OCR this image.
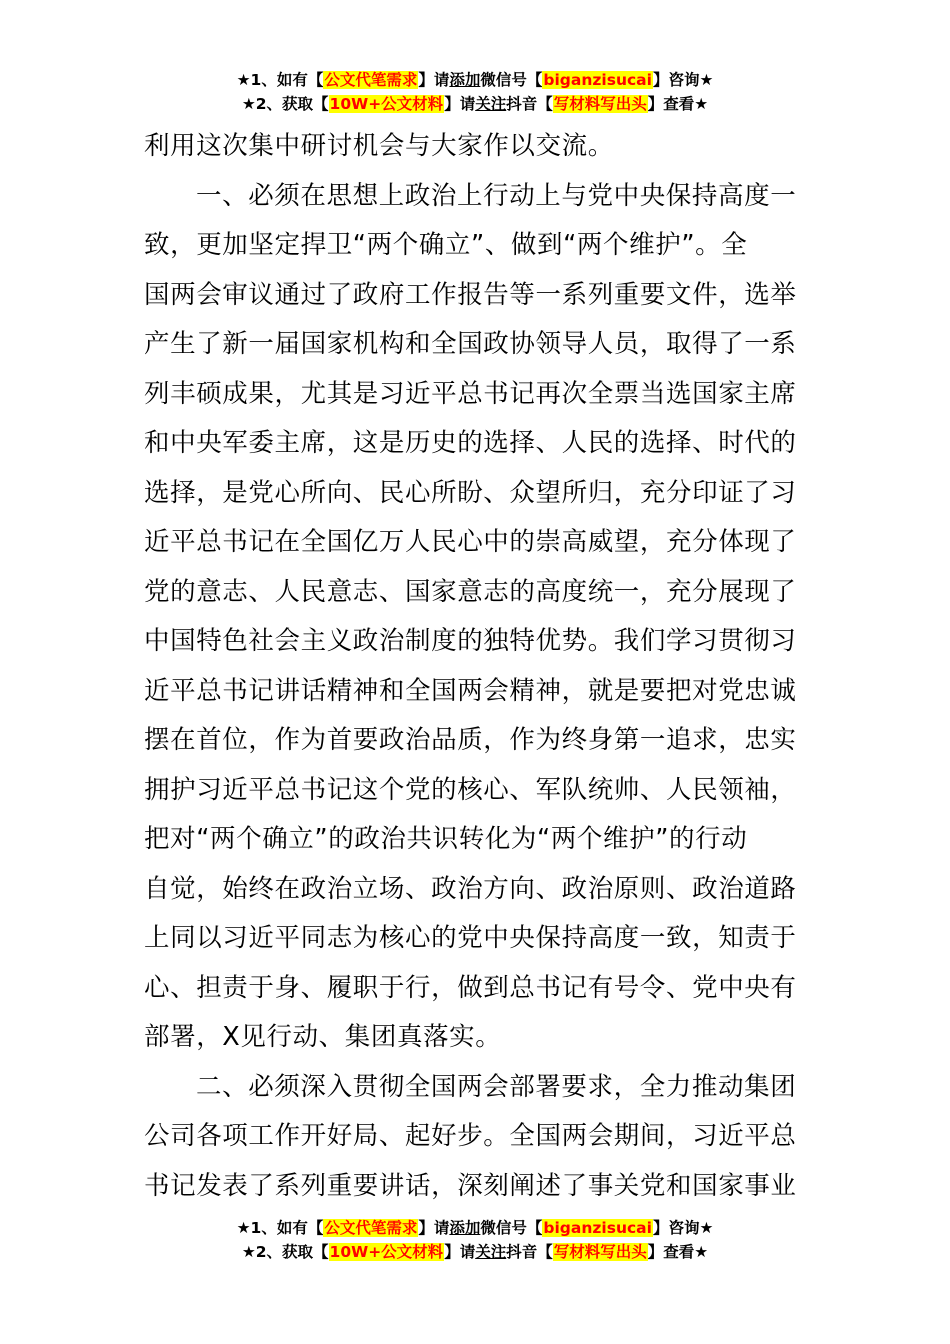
★1、如有【公文代笔需求】请添加微信号【biganzisucai】咨询★
★2、获取【10W+公文材料】请关注抖音【写材料写出头】查看★
利用这次集中研讨机会与大家作以交流。
一、必须在思想上政治上行动上与党中央保持高度一
致，更加坚定捍卫“两个确立”、做到“两个维护”。全
国两会审议通过了政府工作报告等一系列重要文件，选举
产生了新一届国家机构和全国政协领导人员，取得了一系
列丰硕成果，尤其是习近平总书记再次全票当选国家主席
和中央军委主席，这是历史的选择、人民的选择、时代的
选择，是党心所向、民心所盼、众望所归，充分印证了习
近平总书记在全国亿万人民心中的崇高威望，充分体现了
党的意志、人民意志、国家意志的高度统一，充分展现了
中国特色社会主义政治制度的独特优势。我们学习贯彻习
近平总书记讲话精神和全国两会精神，就是要把对党忠诚
摆在首位，作为首要政治品质，作为终身第一追求，忠实
拥护习近平总书记这个党的核心、军队统帅、人民领袖，
把对“两个确立”的政治共识转化为“两个维护”的行动
自觉，始终在政治立场、政治方向、政治原则、政治道路
上同以习近平同志为核心的党中央保持高度一致，知责于
心、担责于身、履职于行，做到总书记有号令、党中央有
部署，X见行动、集团真落实。
二、必须深入贯彻全国两会部署要求，全力推动集团
公司各项工作开好局、起好步。全国两会期间，习近平总
书记发表了系列重要讲话，深刻阐述了事关党和国家事业
★1、如有【公文代笔需求】请添加微信号【biganzisucai】咨询★
★2、获取【10W+公文材料】请关注抖音【写材料写出头】查看★
